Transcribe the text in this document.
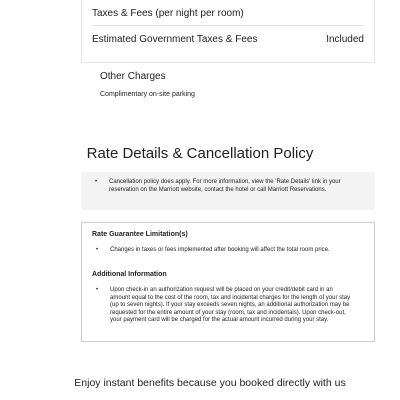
Taxes & Fees (per night per room)
Estimated Government Taxes & Fees	Included
Other Charges
Complimentary on-site parking
Rate Details & Cancellation Policy
•	Cancellation policy does apply. For more information, view the 'Rate Details' link in your reservation on the Marriott website, contact the hotel or call Marriott Reservations.
Rate Guarantee Limitation(s)
•	Changes in taxes or fees implemented after booking will affect the total room price.
Additional Information
•	Upon check-in an authorization request will be placed on your credit/debit card in an amount equal to the cost of the room, tax and incidental charges for the length of your stay (up to seven nights). If your stay exceeds seven nights, an additional authorization may be requested for the entire amount of your stay (room, tax and incidentals). Upon check-out, your payment card will be charged for the actual amount incurred during your stay.
Enjoy instant benefits because you booked directly with us
